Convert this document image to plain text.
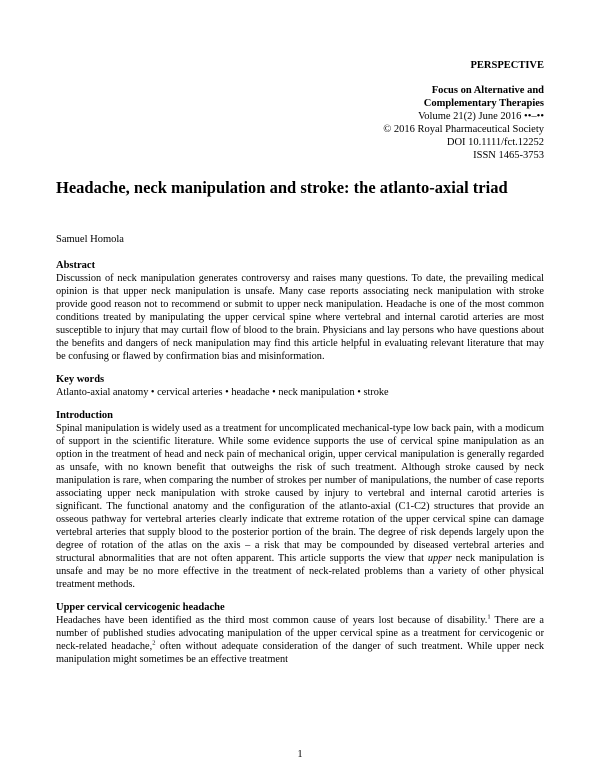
PERSPECTIVE
Focus on Alternative and
Complementary Therapies
Volume 21(2) June 2016 ••–••
© 2016 Royal Pharmaceutical Society
DOI 10.1111/fct.12252
ISSN 1465-3753
Headache, neck manipulation and stroke: the atlanto-axial triad
Samuel Homola
Abstract

Discussion of neck manipulation generates controversy and raises many questions. To date, the prevailing medical opinion is that upper neck manipulation is unsafe. Many case reports associating neck manipulation with stroke provide good reason not to recommend or submit to upper neck manipulation. Headache is one of the most common conditions treated by manipulating the upper cervical spine where vertebral and internal carotid arteries are most susceptible to injury that may curtail flow of blood to the brain. Physicians and lay persons who have questions about the benefits and dangers of neck manipulation may find this article helpful in evaluating relevant literature that may be confusing or flawed by confirmation bias and misinformation.

Key words

Atlanto-axial anatomy • cervical arteries • headache • neck manipulation • stroke

Introduction

Spinal manipulation is widely used as a treatment for uncomplicated mechanical-type low back pain, with a modicum of support in the scientific literature. While some evidence supports the use of cervical spine manipulation as an option in the treatment of head and neck pain of mechanical origin, upper cervical manipulation is generally regarded as unsafe, with no known benefit that outweighs the risk of such treatment. Although stroke caused by neck manipulation is rare, when comparing the number of strokes per number of manipulations, the number of case reports associating upper neck manipulation with stroke caused by injury to vertebral and internal carotid arteries is significant. The functional anatomy and the configuration of the atlanto-axial (C1-C2) structures that provide an osseous pathway for vertebral arteries clearly indicate that extreme rotation of the upper cervical spine can damage vertebral arteries that supply blood to the posterior portion of the brain. The degree of risk depends largely upon the degree of rotation of the atlas on the axis – a risk that may be compounded by diseased vertebral arteries and structural abnormalities that are not often apparent. This article supports the view that upper neck manipulation is unsafe and may be no more effective in the treatment of neck-related problems than a variety of other physical treatment methods.

Upper cervical cervicogenic headache

Headaches have been identified as the third most common cause of years lost because of disability.$^1$ There are a number of published studies advocating manipulation of the upper cervical spine as a treatment for cervicogenic or neck-related headache,$^2$ often without adequate consideration of the danger of such treatment. While upper neck manipulation might sometimes be an effective treatment

1
